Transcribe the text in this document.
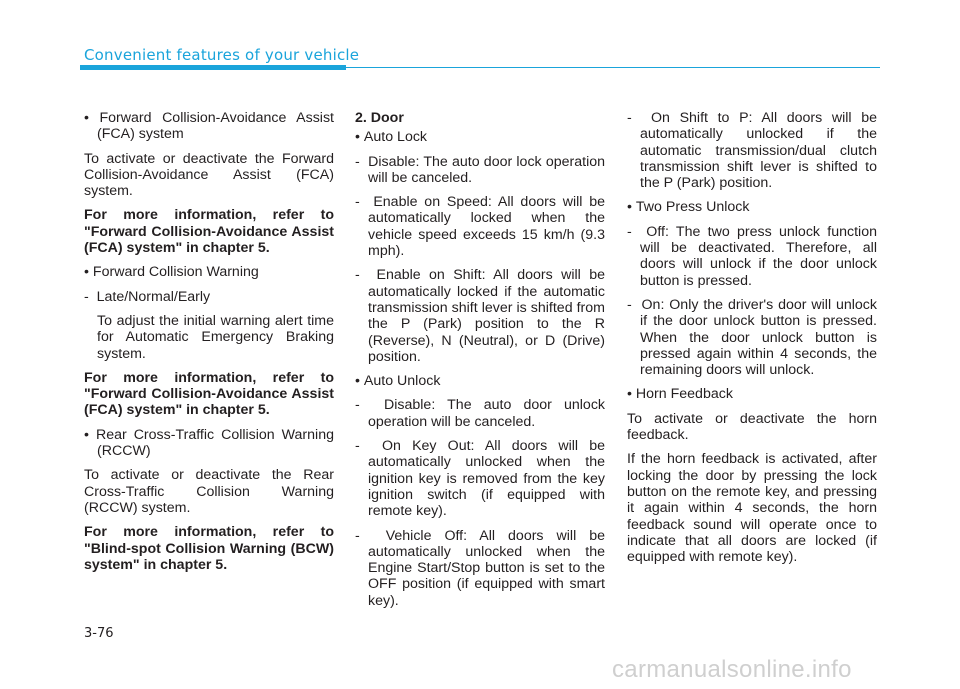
Convenient features of your vehicle

• Forward Collision-Avoidance Assist (FCA) system

To activate or deactivate the Forward Collision-Avoidance Assist (FCA) system.

For more information, refer to "Forward Collision-Avoidance Assist (FCA) system" in chapter 5.

• Forward Collision Warning

-  Late/Normal/Early

To adjust the initial warning alert time for Automatic Emergency Braking system.

For more information, refer to "Forward Collision-Avoidance Assist (FCA) system" in chapter 5.

• Rear Cross-Traffic Collision Warning (RCCW)

To activate or deactivate the Rear Cross-Traffic Collision Warning (RCCW) system.

For more information, refer to "Blind-spot Collision Warning (BCW) system" in chapter 5.

2. Door

• Auto Lock

-  Disable: The auto door lock operation will be canceled.

-  Enable on Speed: All doors will be automatically locked when the vehicle speed exceeds 15 km/h (9.3 mph).

-  Enable on Shift: All doors will be automatically locked if the automatic transmission shift lever is shifted from the P (Park) position to the R (Reverse), N (Neutral), or D (Drive) position.

• Auto Unlock

-  Disable: The auto door unlock operation will be canceled.

-  On Key Out: All doors will be automatically unlocked when the ignition key is removed from the key ignition switch (if equipped with remote key).

-  Vehicle Off: All doors will be automatically unlocked when the Engine Start/Stop button is set to the OFF position (if equipped with smart key).

-  On Shift to P: All doors will be automatically unlocked if the automatic transmission/dual clutch transmission shift lever is shifted to the P (Park) position.

• Two Press Unlock

-  Off: The two press unlock function will be deactivated. Therefore, all doors will unlock if the door unlock button is pressed.

-  On: Only the driver's door will unlock if the door unlock button is pressed. When the door unlock button is pressed again within 4 seconds, the remaining doors will unlock.

• Horn Feedback

To activate or deactivate the horn feedback.

If the horn feedback is activated, after locking the door by pressing the lock button on the remote key, and pressing it again within 4 seconds, the horn feedback sound will operate once to indicate that all doors are locked (if equipped with remote key).

3-76
carmanualsonline.info
